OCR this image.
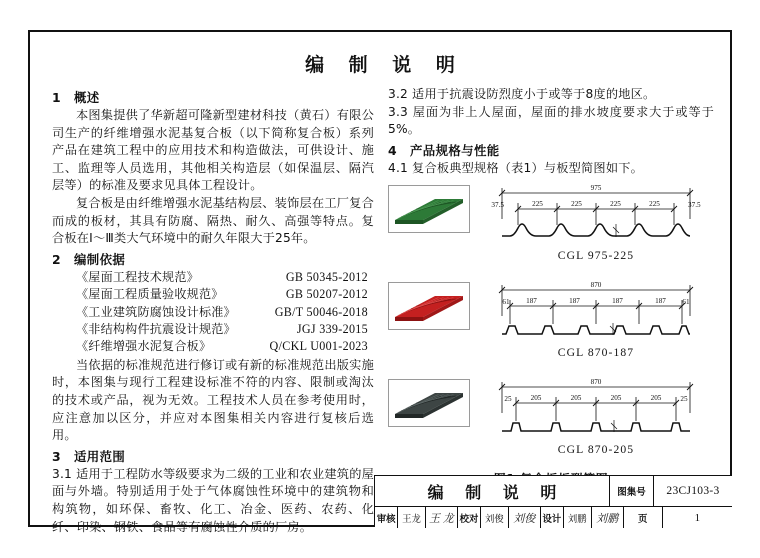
编 制 说 明
1 概述

本图集提供了华新超可隆新型建材科技（黄石）有限公司生产的纤维增强水泥基复合板（以下简称复合板）系列产品在建筑工程中的应用技术和构造做法，可供设计、施工、监理等人员选用，其他相关构造层（如保温层、隔汽层等）的标准及要求见具体工程设计。

复合板是由纤维增强水泥基结构层、装饰层在工厂复合而成的板材，其具有防腐、隔热、耐久、高强等特点。复合板在Ⅰ～Ⅲ类大气环境中的耐久年限大于25年。

2 编制依据
《屋面工程技术规范》	GB 50345-2012
《屋面工程质量验收规范》	GB 50207-2012
《工业建筑防腐蚀设计标准》	GB/T 50046-2018
《非结构构件抗震设计规范》	JGJ 339-2015
《纤维增强水泥复合板》	Q/CKL U001-2023

当依据的标准规范进行修订或有新的标准规范出版实施时，本图集与现行工程建设标准不符的内容、限制或淘汰的技术或产品，视为无效。工程技术人员在参考使用时，应注意加以区分，并应对本图集相关内容进行复核后选用。

3 适用范围

3.1 适用于工程防水等级要求为二级的工业和农业建筑的屋面与外墙。特别适用于处于气体腐蚀性环境中的建筑物和构筑物，如环保、畜牧、化工、冶金、医药、农药、化纤、印染、钢铁、食品等有腐蚀性介质的厂房。

3.2 适用于抗震设防烈度小于或等于8度的地区。

3.3 屋面为非上人屋面，屋面的排水坡度要求大于或等于5%。

4 产品规格与性能

4.1 复合板典型规格（表1）与板型简图如下。

975
37.5	37.5
225	225	225	225
CGL 975-225
870
61	61
187	187	187	187
CGL 870-187
870
25	25
205	205	205	205
CGL 870-205
编 制 说 明	图集号	23CJ103-3
审核 王龙 王 龙 校对 刘俊 刘俊 设计 刘鹏 刘鹏	页	1
